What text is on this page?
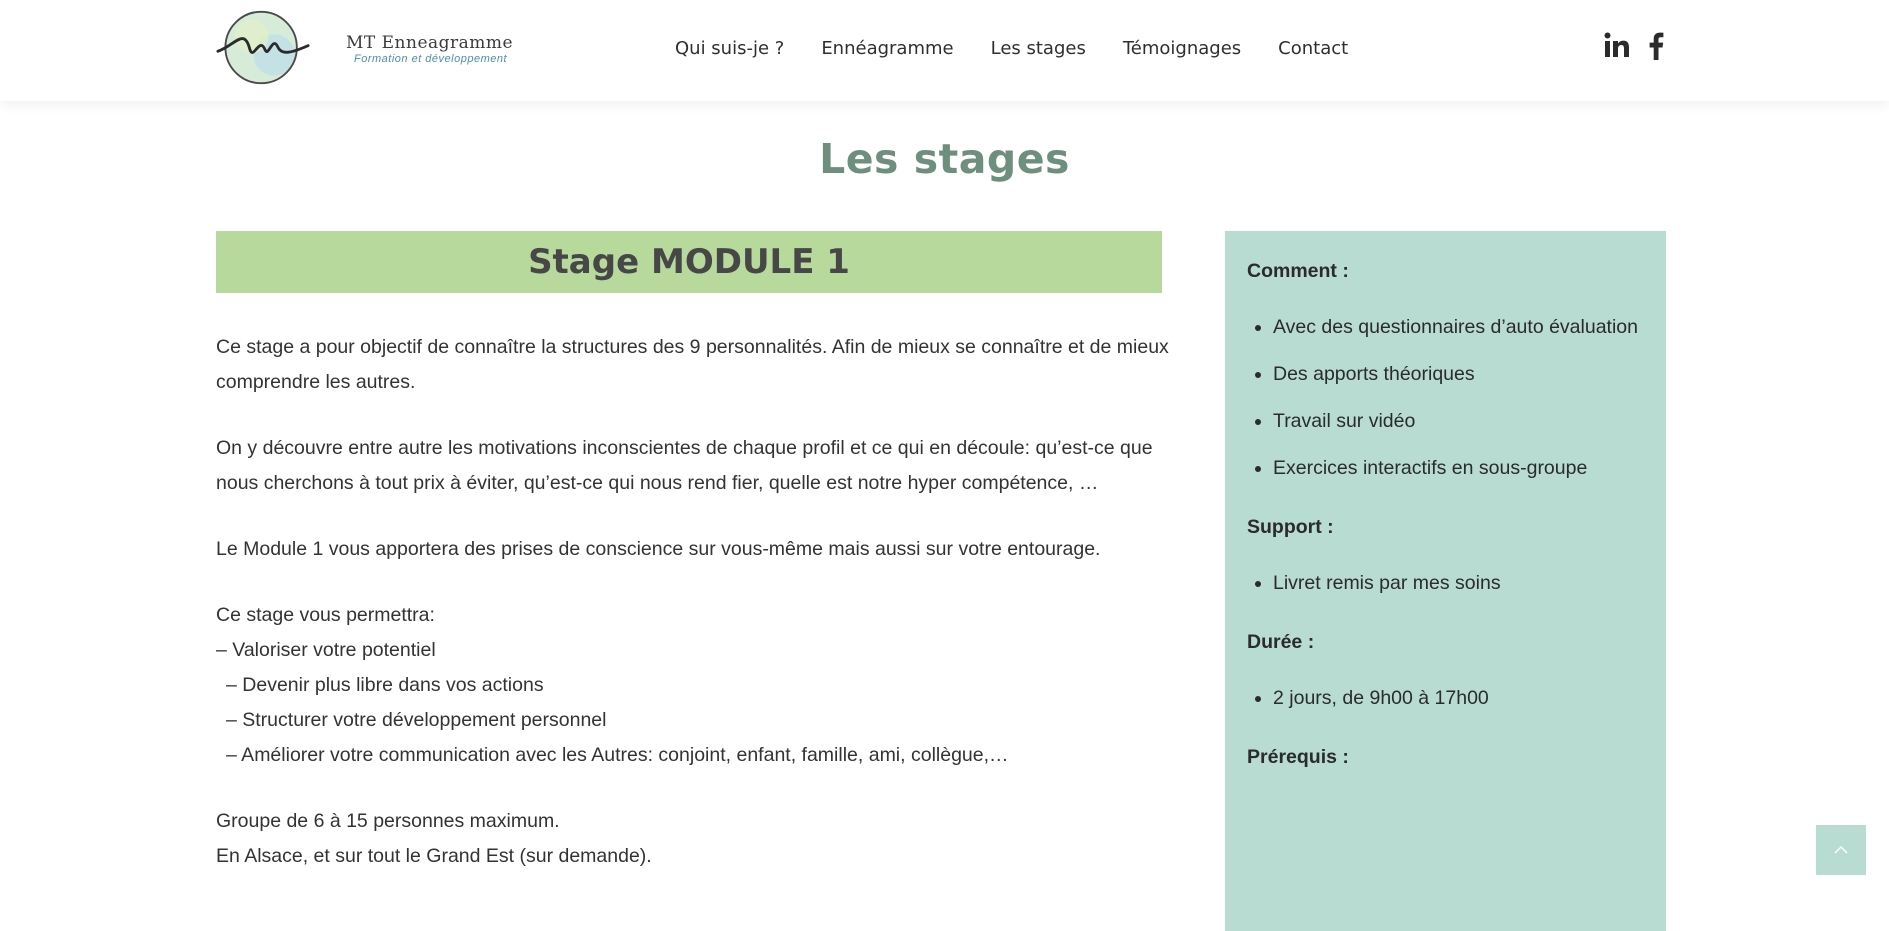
MT Enneagramme
Formation et développement	Qui suis-je ? Ennéagramme Les stages Témoignages Contact
Les stages
Stage MODULE 1

Ce stage a pour objectif de connaître la structures des 9 personnalités. Afin de mieux se connaître et de mieux comprendre les autres.

On y découvre entre autre les motivations inconscientes de chaque profil et ce qui en découle: qu’est-ce que nous cherchons à tout prix à éviter, qu’est-ce qui nous rend fier, quelle est notre hyper compétence, …

Le Module 1 vous apportera des prises de conscience sur vous-même mais aussi sur votre entourage.

Ce stage vous permettra:
– Valoriser votre potentiel
– Devenir plus libre dans vos actions
– Structurer votre développement personnel
– Améliorer votre communication avec les Autres: conjoint, enfant, famille, ami, collègue,…
Groupe de 6 à 15 personnes maximum.
En Alsace, et sur tout le Grand Est (sur demande).
Comment :
• Avec des questionnaires d’auto évaluation
• Des apports théoriques
• Travail sur vidéo
• Exercices interactifs en sous-groupe
Support :
• Livret remis par mes soins
Durée :
• 2 jours, de 9h00 à 17h00
Prérequis :
